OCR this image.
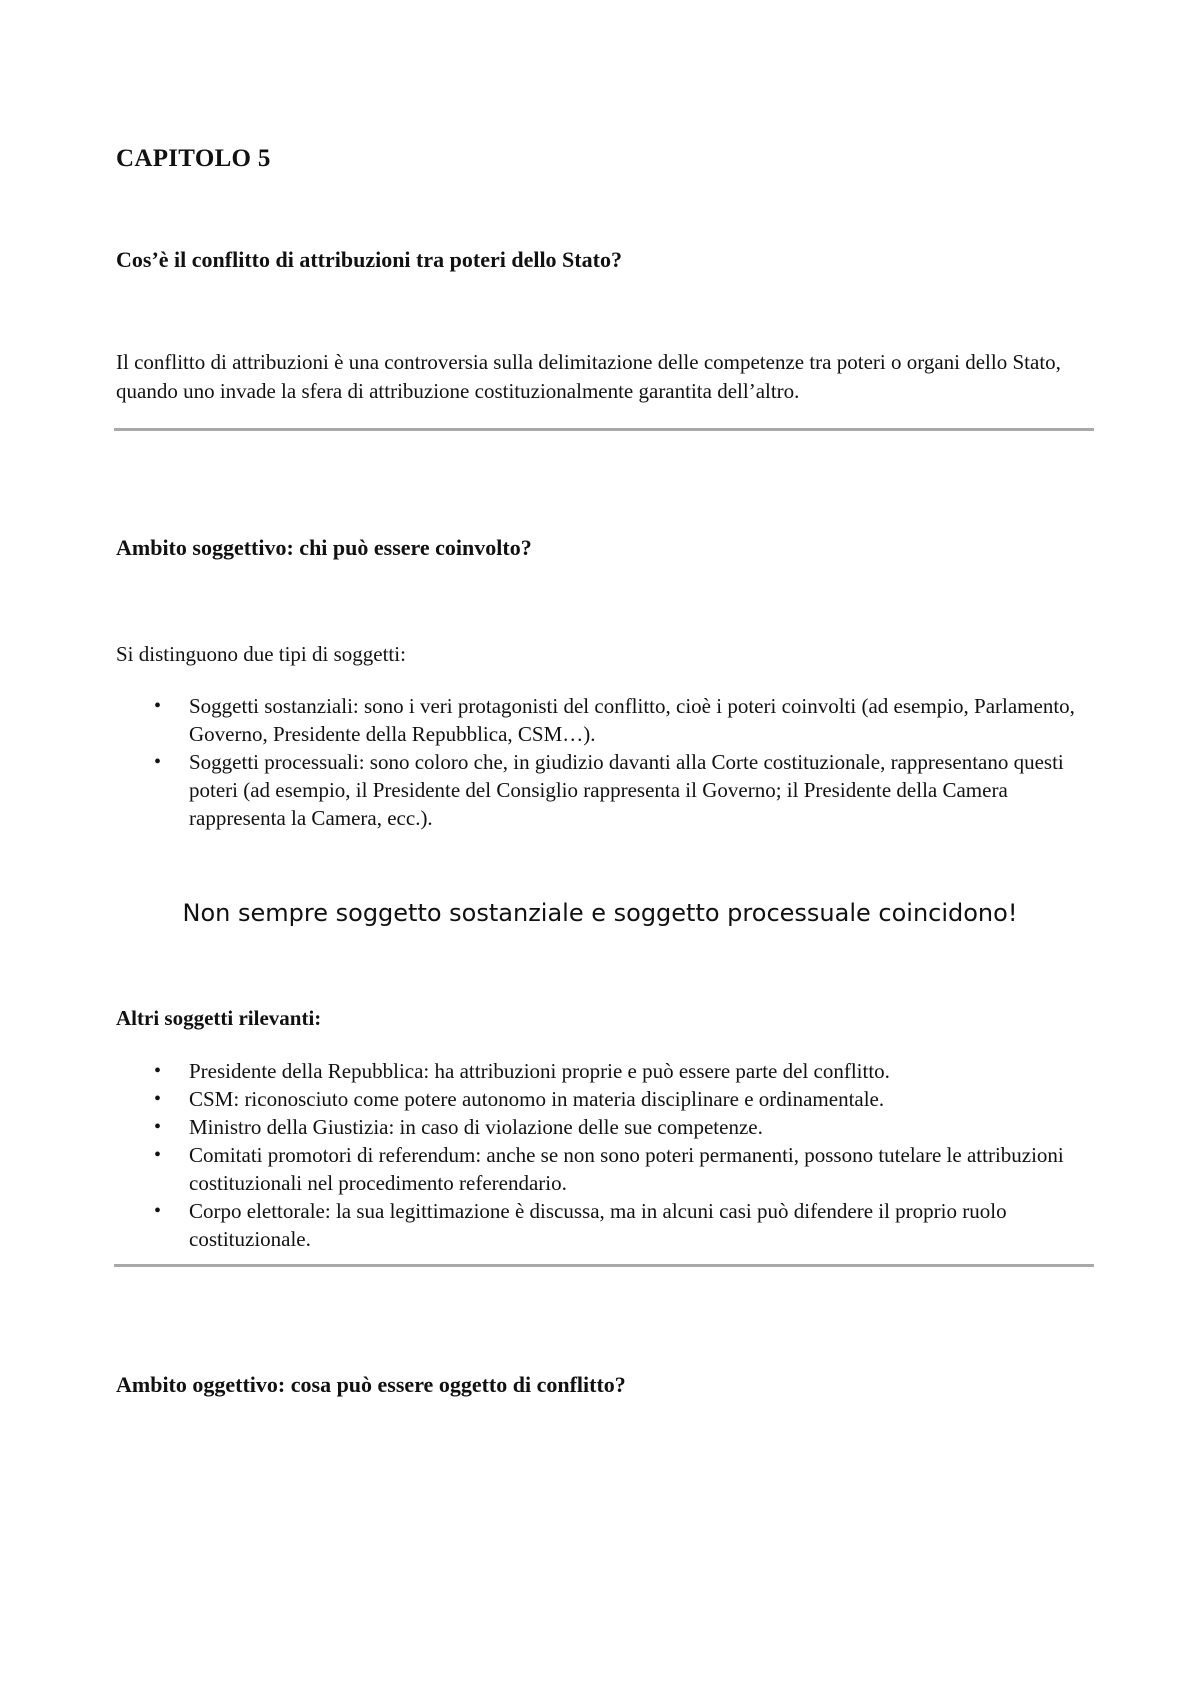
CAPITOLO 5
Cos’è il conflitto di attribuzioni tra poteri dello Stato?

Il conflitto di attribuzioni è una controversia sulla delimitazione delle competenze tra poteri o organi dello Stato, quando uno invade la sfera di attribuzione costituzionalmente garantita dell’altro.

Ambito soggettivo: chi può essere coinvolto?

Si distinguono due tipi di soggetti:

• Soggetti sostanziali: sono i veri protagonisti del conflitto, cioè i poteri coinvolti (ad esempio, Parlamento, Governo, Presidente della Repubblica, CSM…).
• Soggetti processuali: sono coloro che, in giudizio davanti alla Corte costituzionale, rappresentano questi poteri (ad esempio, il Presidente del Consiglio rappresenta il Governo; il Presidente della Camera rappresenta la Camera, ecc.).

Non sempre soggetto sostanziale e soggetto processuale coincidono!

Altri soggetti rilevanti:
• Presidente della Repubblica: ha attribuzioni proprie e può essere parte del conflitto.
• CSM: riconosciuto come potere autonomo in materia disciplinare e ordinamentale.
• Ministro della Giustizia: in caso di violazione delle sue competenze.
• Comitati promotori di referendum: anche se non sono poteri permanenti, possono tutelare le attribuzioni costituzionali nel procedimento referendario.
• Corpo elettorale: la sua legittimazione è discussa, ma in alcuni casi può difendere il proprio ruolo costituzionale.
Ambito oggettivo: cosa può essere oggetto di conflitto?
